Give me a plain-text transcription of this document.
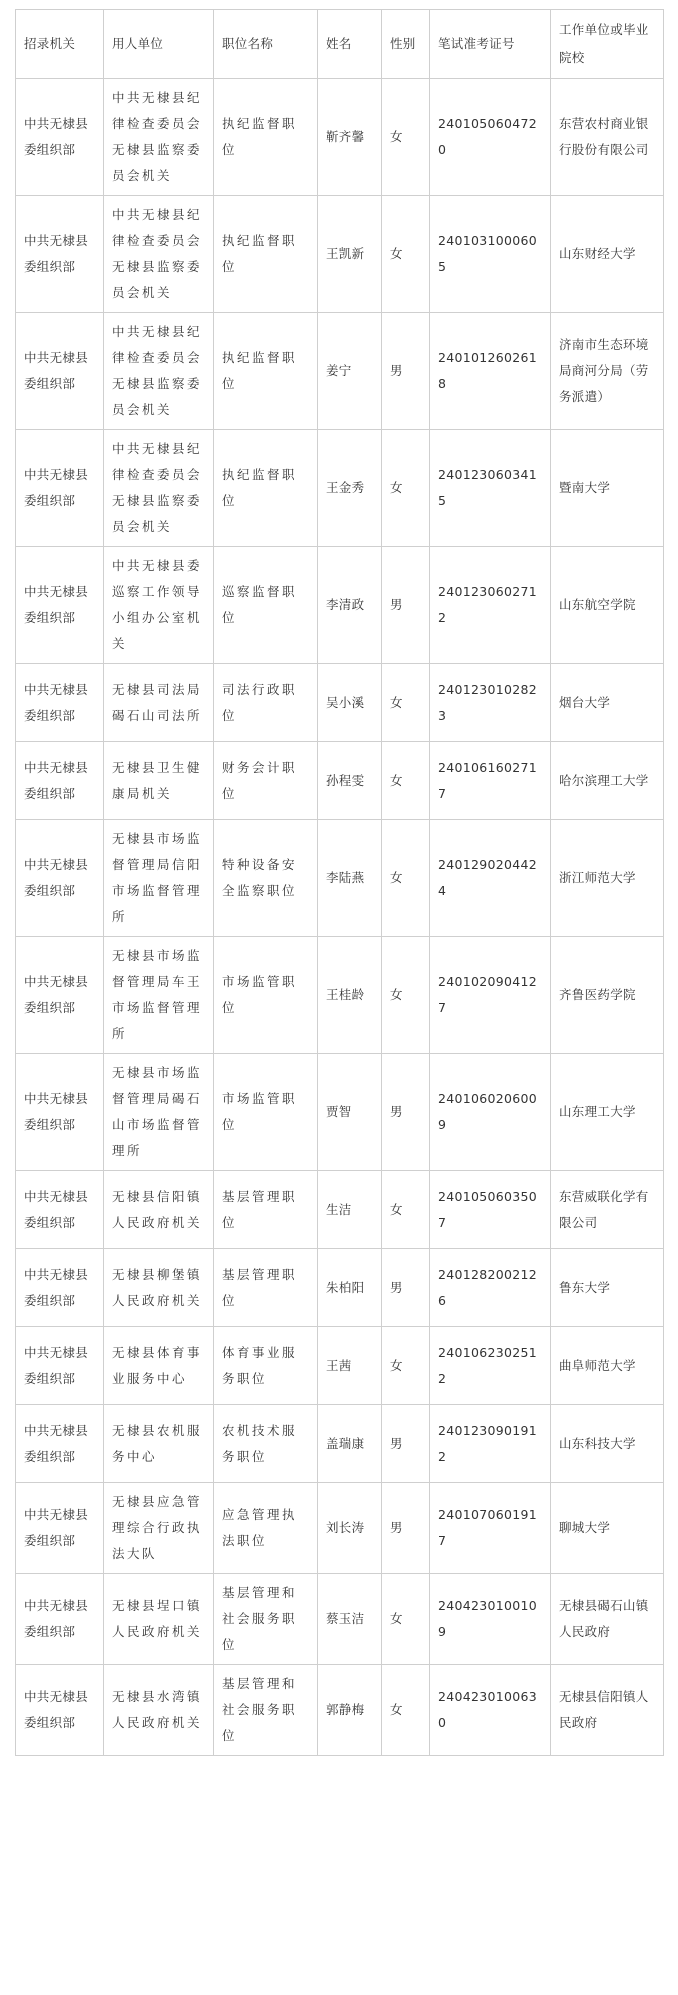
招录机关	用人单位	职位名称	姓名	性别	笔试准考证号	工作单位或毕业院校
中共无棣县委组织部	中共无棣县纪律检查委员会无棣县监察委员会机关	执纪监督职位	靳齐馨	女	2401050604720	东营农村商业银行股份有限公司
中共无棣县委组织部	中共无棣县纪律检查委员会无棣县监察委员会机关	执纪监督职位	王凯新	女	2401031000605	山东财经大学
中共无棣县委组织部	中共无棣县纪律检查委员会无棣县监察委员会机关	执纪监督职位	姜宁	男	2401012602618	济南市生态环境局商河分局（劳务派遣）
中共无棣县委组织部	中共无棣县纪律检查委员会无棣县监察委员会机关	执纪监督职位	王金秀	女	2401230603415	暨南大学
中共无棣县委组织部	中共无棣县委巡察工作领导小组办公室机关	巡察监督职位	李清政	男	2401230602712	山东航空学院
中共无棣县委组织部	无棣县司法局碣石山司法所	司法行政职位	吴小溪	女	2401230102823	烟台大学
中共无棣县委组织部	无棣县卫生健康局机关	财务会计职位	孙程雯	女	2401061602717	哈尔滨理工大学
中共无棣县委组织部	无棣县市场监督管理局信阳市场监督管理所	特种设备安全监察职位	李陆燕	女	2401290204424	浙江师范大学
中共无棣县委组织部	无棣县市场监督管理局车王市场监督管理所	市场监管职位	王桂龄	女	2401020904127	齐鲁医药学院
中共无棣县委组织部	无棣县市场监督管理局碣石山市场监督管理所	市场监管职位	贾智	男	2401060206009	山东理工大学
中共无棣县委组织部	无棣县信阳镇人民政府机关	基层管理职位	生洁	女	2401050603507	东营威联化学有限公司
中共无棣县委组织部	无棣县柳堡镇人民政府机关	基层管理职位	朱柏阳	男	2401282002126	鲁东大学
中共无棣县委组织部	无棣县体育事业服务中心	体育事业服务职位	王茜	女	2401062302512	曲阜师范大学
中共无棣县委组织部	无棣县农机服务中心	农机技术服务职位	盖瑞康	男	2401230901912	山东科技大学
中共无棣县委组织部	无棣县应急管理综合行政执法大队	应急管理执法职位	刘长涛	男	2401070601917	聊城大学
中共无棣县委组织部	无棣县埕口镇人民政府机关	基层管理和社会服务职位	蔡玉洁	女	2404230100109	无棣县碣石山镇人民政府
中共无棣县委组织部	无棣县水湾镇人民政府机关	基层管理和社会服务职位	郭静梅	女	2404230100630	无棣县信阳镇人民政府
